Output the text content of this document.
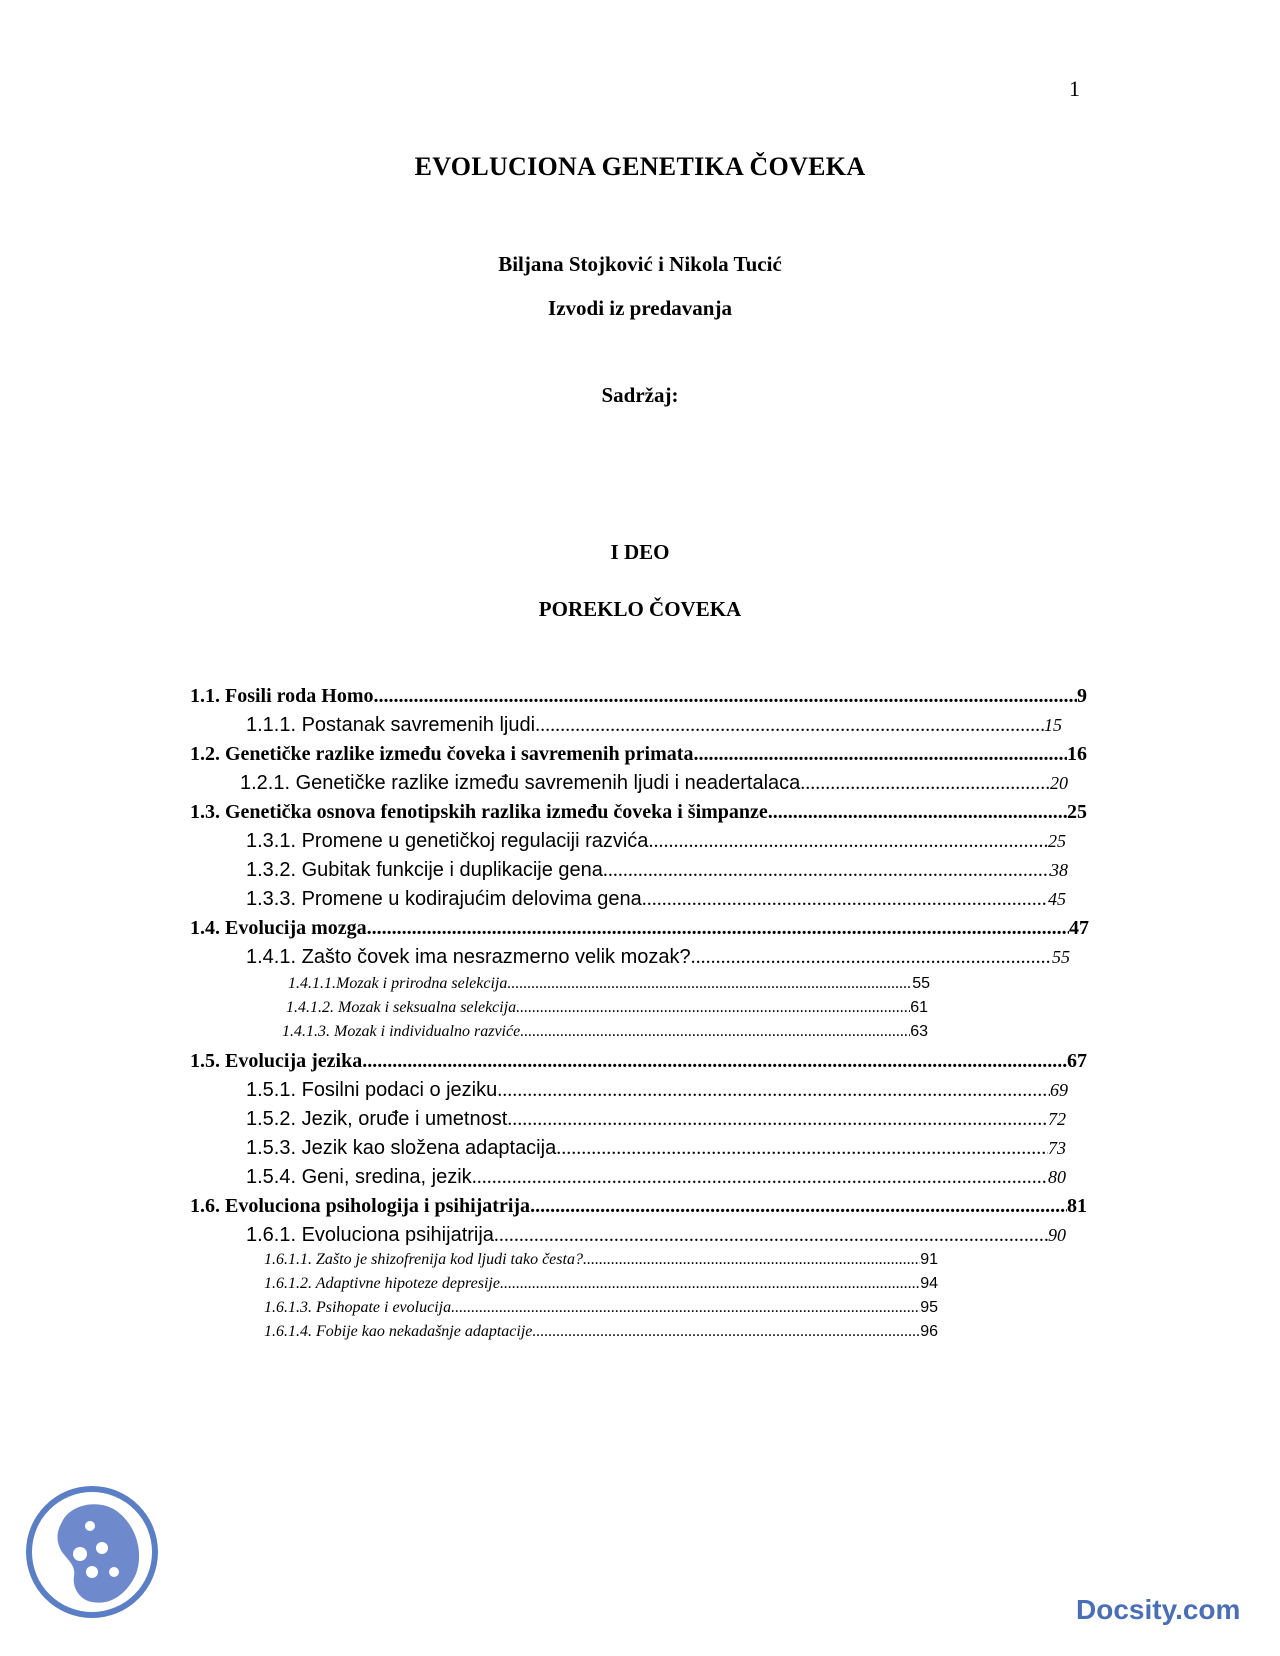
1
EVOLUCIONA GENETIKA ČOVEKA
Biljana Stojković i Nikola Tucić
Izvodi iz predavanja
Sadržaj:
I DEO
POREKLO ČOVEKA
1.1. Fosili roda Homo .....	9
1.1.1. Postanak savremenih ljudi .....	15
1.2. Genetičke razlike između čoveka i savremenih primata .....	16
1.2.1. Genetičke razlike između savremenih ljudi i neadertalaca .....	20
1.3. Genetička osnova fenotipskih razlika između čoveka i šimpanze .....	25
1.3.1. Promene u genetičkoj regulaciji razvića .....	25
1.3.2. Gubitak funkcije i duplikacije gena .....	38
1.3.3. Promene u kodirajućim delovima gena .....	45
1.4. Evolucija mozga .....	47
1.4.1. Zašto čovek ima nesrazmerno velik mozak? .....	55
1.4.1.1.Mozak i prirodna selekcija .....	55
1.4.1.2. Mozak i seksualna selekcija .....	61
1.4.1.3. Mozak i individualno razviće .....	63
1.5. Evolucija jezika .....	67
1.5.1. Fosilni podaci o jeziku .....	69
1.5.2. Jezik, oruđe i umetnost .....	72
1.5.3. Jezik kao složena adaptacija .....	73
1.5.4. Geni, sredina, jezik .....	80
1.6. Evoluciona psihologija i psihijatrija .....	81
1.6.1. Evoluciona psihijatrija .....	90
1.6.1.1. Zašto je shizofrenija kod ljudi tako česta? .....	91
1.6.1.2. Adaptivne hipoteze depresije .....	94
1.6.1.3. Psihopate i evolucija .....	95
1.6.1.4. Fobije kao nekadašnje adaptacije .....	96
Docsity.com
